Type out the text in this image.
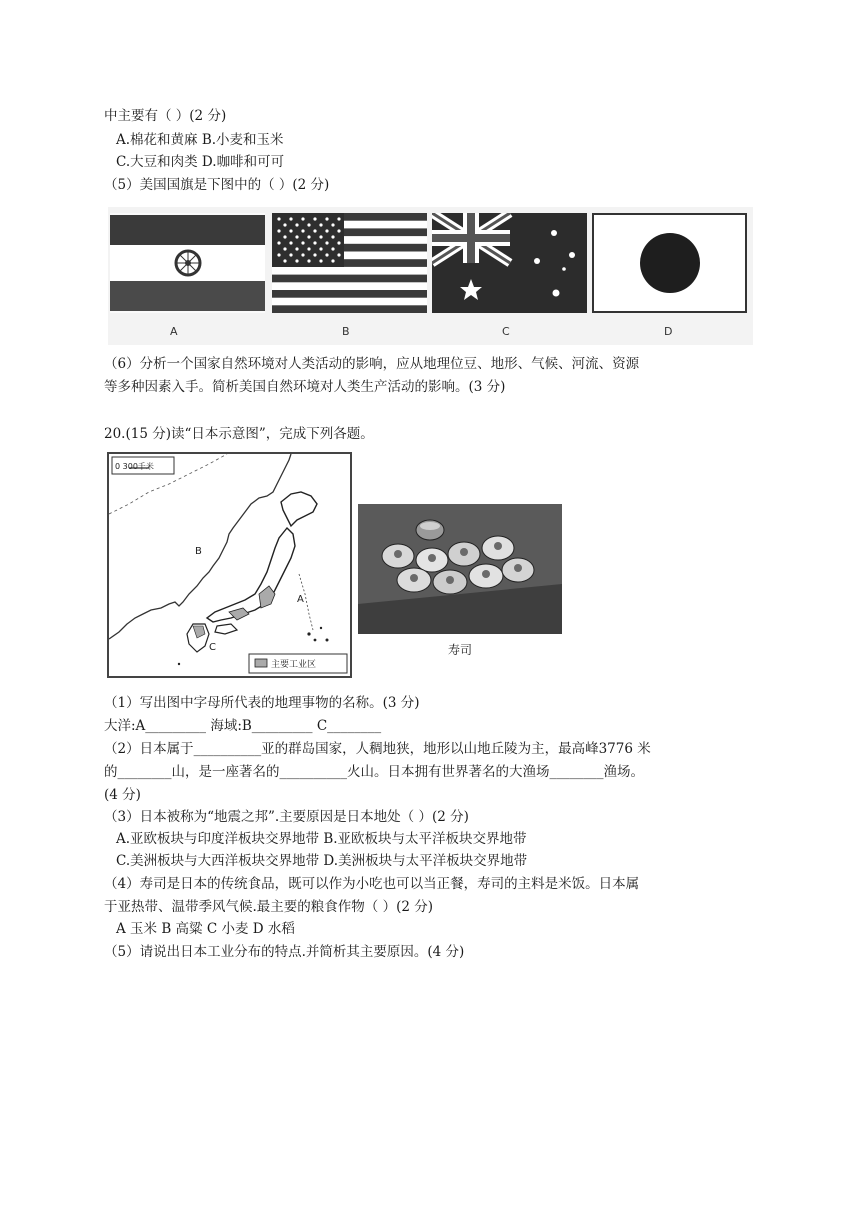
中主要有（ ）(2 分)
A.棉花和黄麻 B.小麦和玉米
C.大豆和肉类 D.咖啡和可可
（5）美国国旗是下图中的（ ）(2 分)
A	B	C	D
（6）分析一个国家自然环境对人类活动的影响，应从地理位豆、地形、气候、河流、资源
等多种因素入手。简析美国自然环境对人类生产活动的影响。(3 分)
20.(15 分)读“日本示意图”，完成下列各题。
0 300千米
B
A
C
主要工业区
寿司
（1）写出图中字母所代表的地理事物的名称。(3 分)
大洋:A_________ 海域:B_________ C________
（2）日本属于__________亚的群岛国家，人稠地狭，地形以山地丘陵为主，最高峰3776 米
的________山，是一座著名的__________火山。日本拥有世界著名的大渔场________渔场。
(4 分)
（3）日本被称为“地震之邦”.主要原因是日本地处（ ）(2 分)
A.亚欧板块与印度洋板块交界地带 B.亚欧板块与太平洋板块交界地带
C.美洲板块与大西洋板块交界地带 D.美洲板块与太平洋板块交界地带
（4）寿司是日本的传统食品，既可以作为小吃也可以当正餐，寿司的主料是米饭。日本属
于亚热带、温带季风气候.最主要的粮食作物（ ）(2 分)
A 玉米 B 高粱 C 小麦 D 水稻
（5）请说出日本工业分布的特点.并简析其主要原因。(4 分)
